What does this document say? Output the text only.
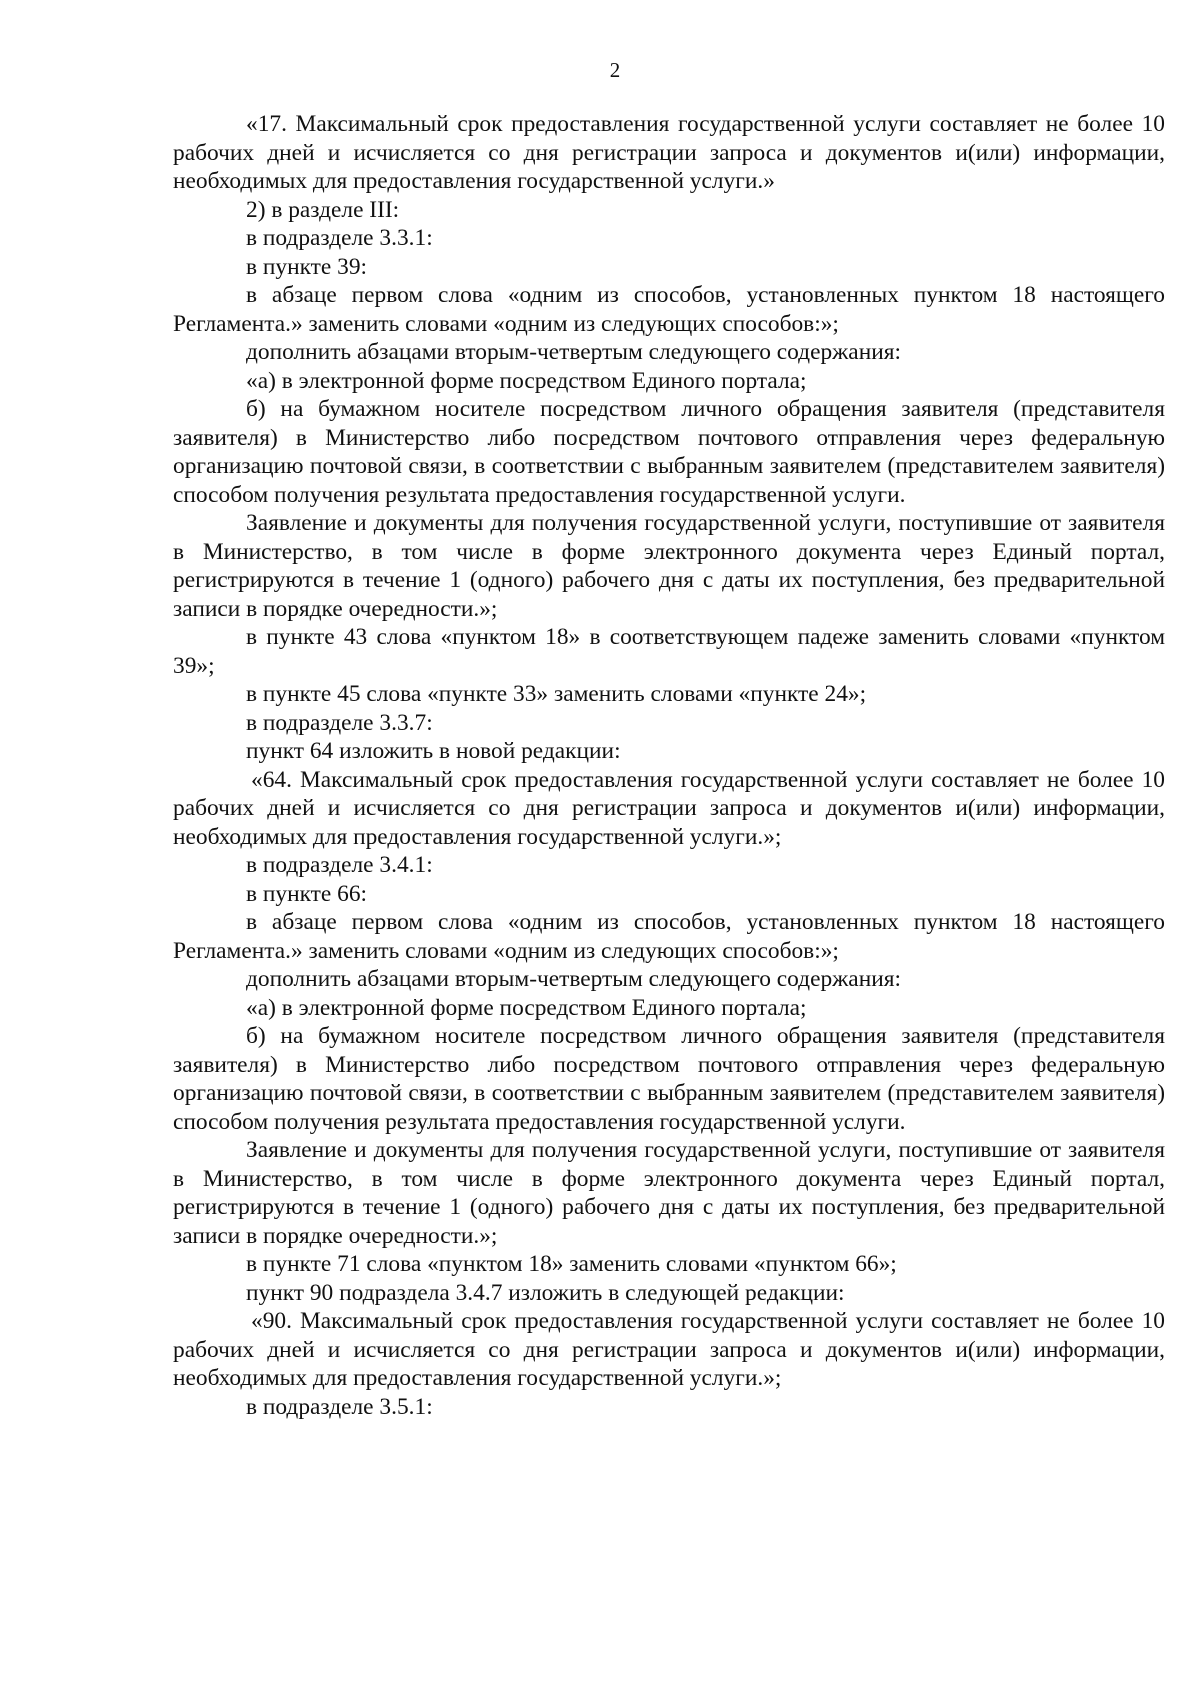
2

«17. Максимальный срок предоставления государственной услуги составляет не более 10 рабочих дней и исчисляется со дня регистрации запроса и документов и(или) информации, необходимых для предоставления государственной услуги.»

2) в разделе III:

в подразделе 3.3.1:

в пункте 39:

в абзаце первом слова «одним из способов, установленных пунктом 18 настоящего Регламента.» заменить словами «одним из следующих способов:»;

дополнить абзацами вторым-четвертым следующего содержания:

«а) в электронной форме посредством Единого портала;

б) на бумажном носителе посредством личного обращения заявителя (представителя заявителя) в Министерство либо посредством почтового отправления через федеральную организацию почтовой связи, в соответствии с выбранным заявителем (представителем заявителя) способом получения результата предоставления государственной услуги.

Заявление и документы для получения государственной услуги, поступившие от заявителя в Министерство, в том числе в форме электронного документа через Единый портал, регистрируются в течение 1 (одного) рабочего дня с даты их поступления, без предварительной записи в порядке очередности.»;

в пункте 43 слова «пунктом 18» в соответствующем падеже заменить словами «пунктом 39»;

в пункте 45 слова «пункте 33» заменить словами «пункте 24»;

в подразделе 3.3.7:

пункт 64 изложить в новой редакции:

«64. Максимальный срок предоставления государственной услуги составляет не более 10 рабочих дней и исчисляется со дня регистрации запроса и документов и(или) информации, необходимых для предоставления государственной услуги.»;

в подразделе 3.4.1:

в пункте 66:

в абзаце первом слова «одним из способов, установленных пунктом 18 настоящего Регламента.» заменить словами «одним из следующих способов:»;

дополнить абзацами вторым-четвертым следующего содержания:

«а) в электронной форме посредством Единого портала;

б) на бумажном носителе посредством личного обращения заявителя (представителя заявителя) в Министерство либо посредством почтового отправления через федеральную организацию почтовой связи, в соответствии с выбранным заявителем (представителем заявителя) способом получения результата предоставления государственной услуги.

Заявление и документы для получения государственной услуги, поступившие от заявителя в Министерство, в том числе в форме электронного документа через Единый портал, регистрируются в течение 1 (одного) рабочего дня с даты их поступления, без предварительной записи в порядке очередности.»;

в пункте 71 слова «пунктом 18» заменить словами «пунктом 66»;

пункт 90 подраздела 3.4.7 изложить в следующей редакции:

«90. Максимальный срок предоставления государственной услуги составляет не более 10 рабочих дней и исчисляется со дня регистрации запроса и документов и(или) информации, необходимых для предоставления государственной услуги.»;

в подразделе 3.5.1:
